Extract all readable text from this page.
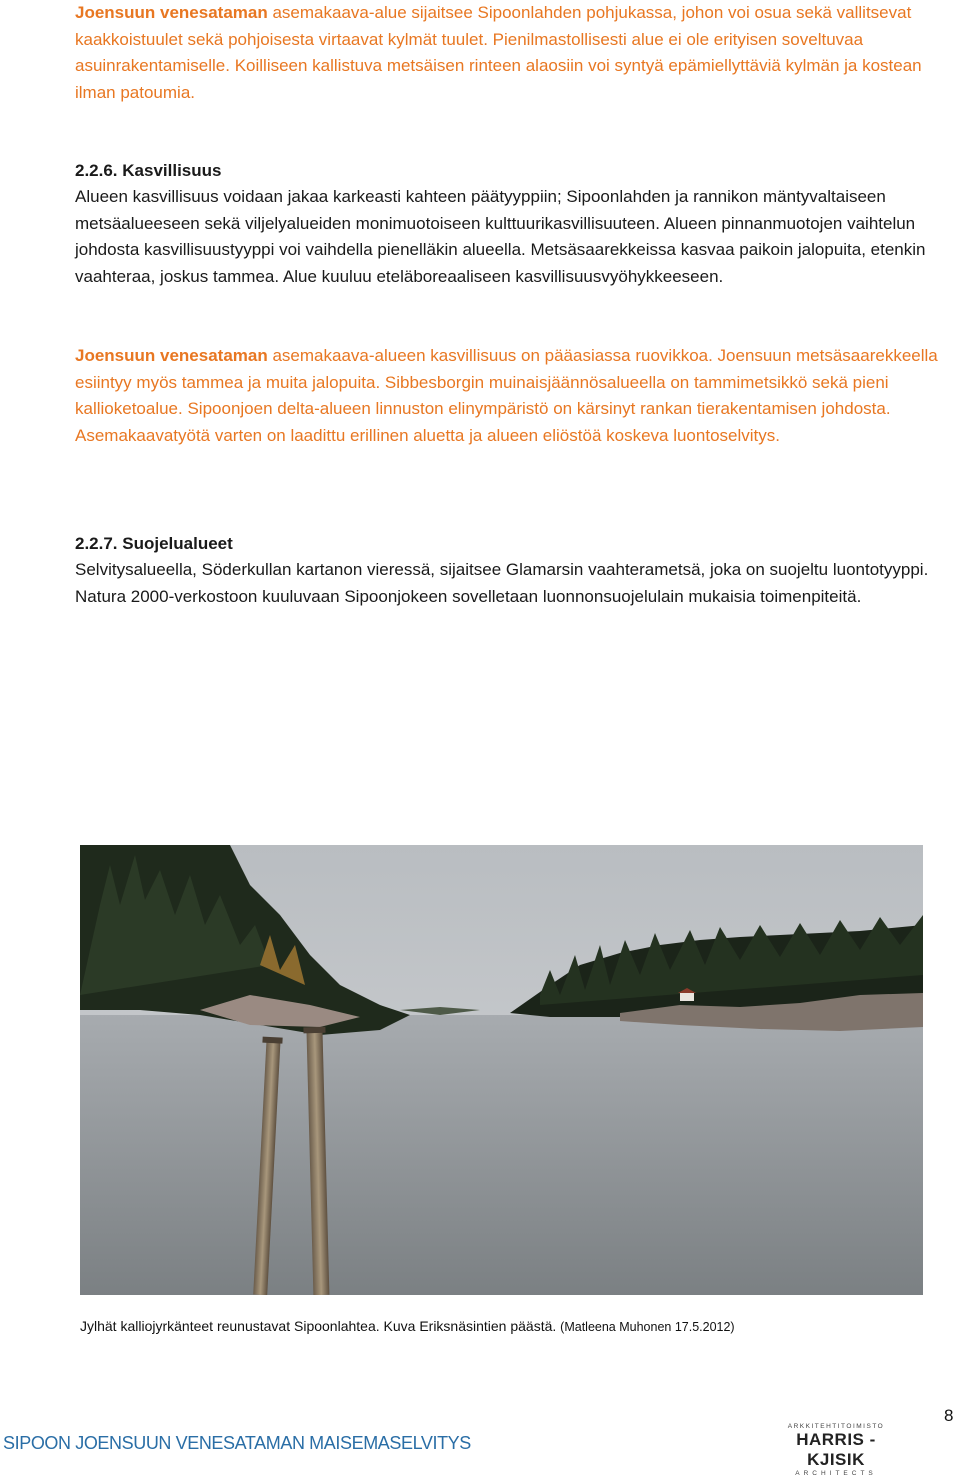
Joensuun venesataman asemakaava-alue sijaitsee Sipoonlahden pohjukassa, johon voi osua sekä vallitsevat kaakkoistuulet sekä pohjoisesta virtaavat kylmät tuulet. Pienilmastollisesti alue ei ole erityisen soveltuvaa asuinrakentamiselle. Koilliseen kallistuva metsäisen rinteen alaosiin voi syntyä epämiellyttäviä kylmän ja kostean ilman patoumia.
2.2.6. Kasvillisuus
Alueen kasvillisuus voidaan jakaa karkeasti kahteen päätyyppiin; Sipoonlahden ja rannikon mäntyvaltaiseen metsäalueeseen sekä viljelyalueiden monimuotoiseen kulttuurikasvillisuuteen. Alueen pinnanmuotojen vaihtelun johdosta kasvillisuustyyppi voi vaihdella pienelläkin alueella. Metsäsaarekkeissa kasvaa paikoin jalopuita, etenkin vaahteraa, joskus tammea. Alue kuuluu eteläboreaaliseen kasvillisuusvyöhykkeeseen.
Joensuun venesataman asemakaava-alueen kasvillisuus on pääasiassa ruovikkoa. Joensuun metsäsaarekkeella esiintyy myös tammea ja muita jalopuita. Sibbesborgin muinaisjäännösalueella on tammimetsikkö sekä pieni kallioketoalue. Sipoonjoen delta-alueen linnuston elinympäristö on kärsinyt rankan tierakentamisen johdosta. Asemakaavatyötä varten on laadittu erillinen aluetta ja alueen eliöstöä koskeva luontoselvitys.
2.2.7. Suojelualueet
Selvitysalueella, Söderkullan kartanon vieressä, sijaitsee Glamarsin vaahterametsä, joka on suojeltu luontotyyppi. Natura 2000-verkostoon kuuluvaan Sipoonjokeen sovelletaan luonnonsuojelulain mukaisia toimenpiteitä.
Jylhät kalliojyrkänteet reunustavat Sipoonlahtea. Kuva Eriksnäsintien päästä. (Matleena Muhonen 17.5.2012)
SIPOON JOENSUUN VENESATAMAN MAISEMASELVITYS
ARKKITEHTITOIMISTO
HARRIS - KJISIK
ARCHITECTS
8
